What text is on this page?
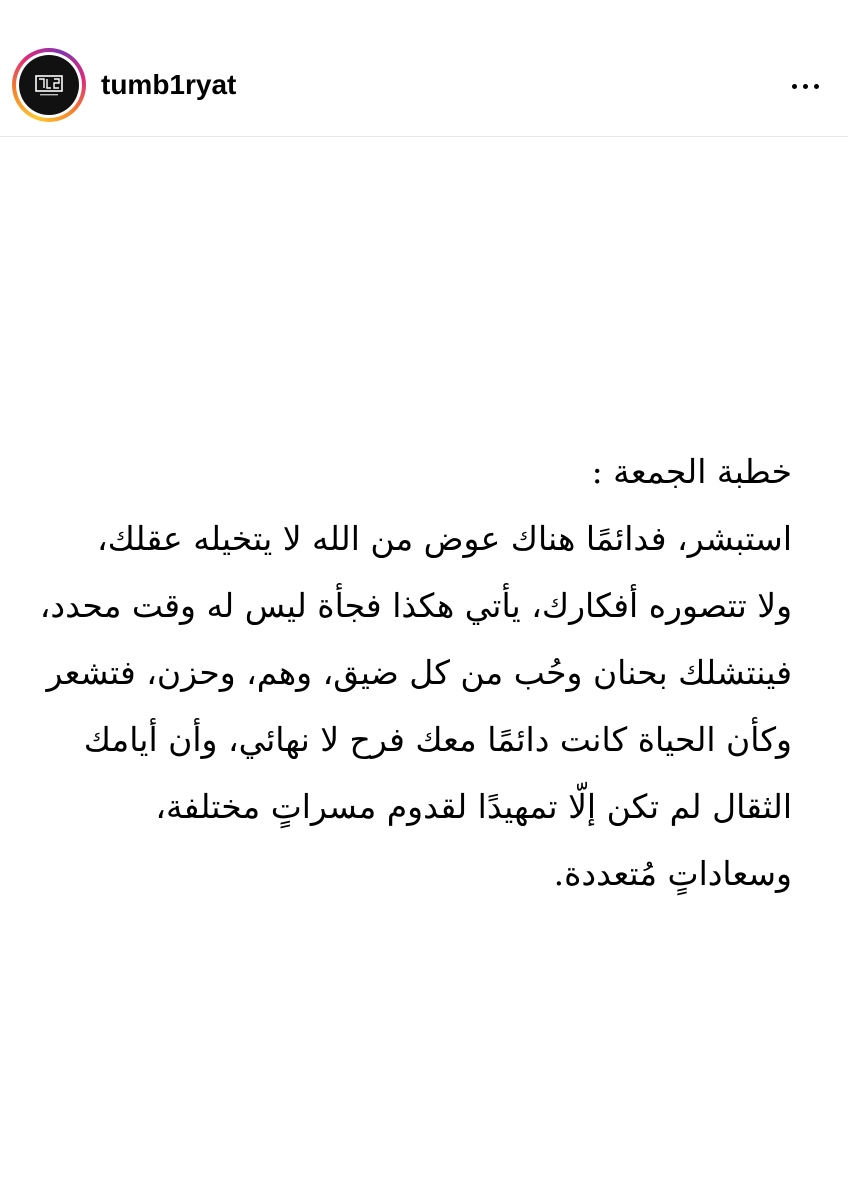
tumb1ryat
خطبة الجمعة :
استبشر، فدائمًا هناك عوض من الله لا يتخيله عقلك،
ولا تتصوره أفكارك، يأتي هكذا فجأة ليس له وقت محدد،
فينتشلك بحنان وحُب من كل ضيق، وهم، وحزن، فتشعر
وكأن الحياة كانت دائمًا معك فرح لا نهائي، وأن أيامك
الثقال لم تكن إلّا تمهيدًا لقدوم مسراتٍ مختلفة،
وسعاداتٍ مُتعددة.
